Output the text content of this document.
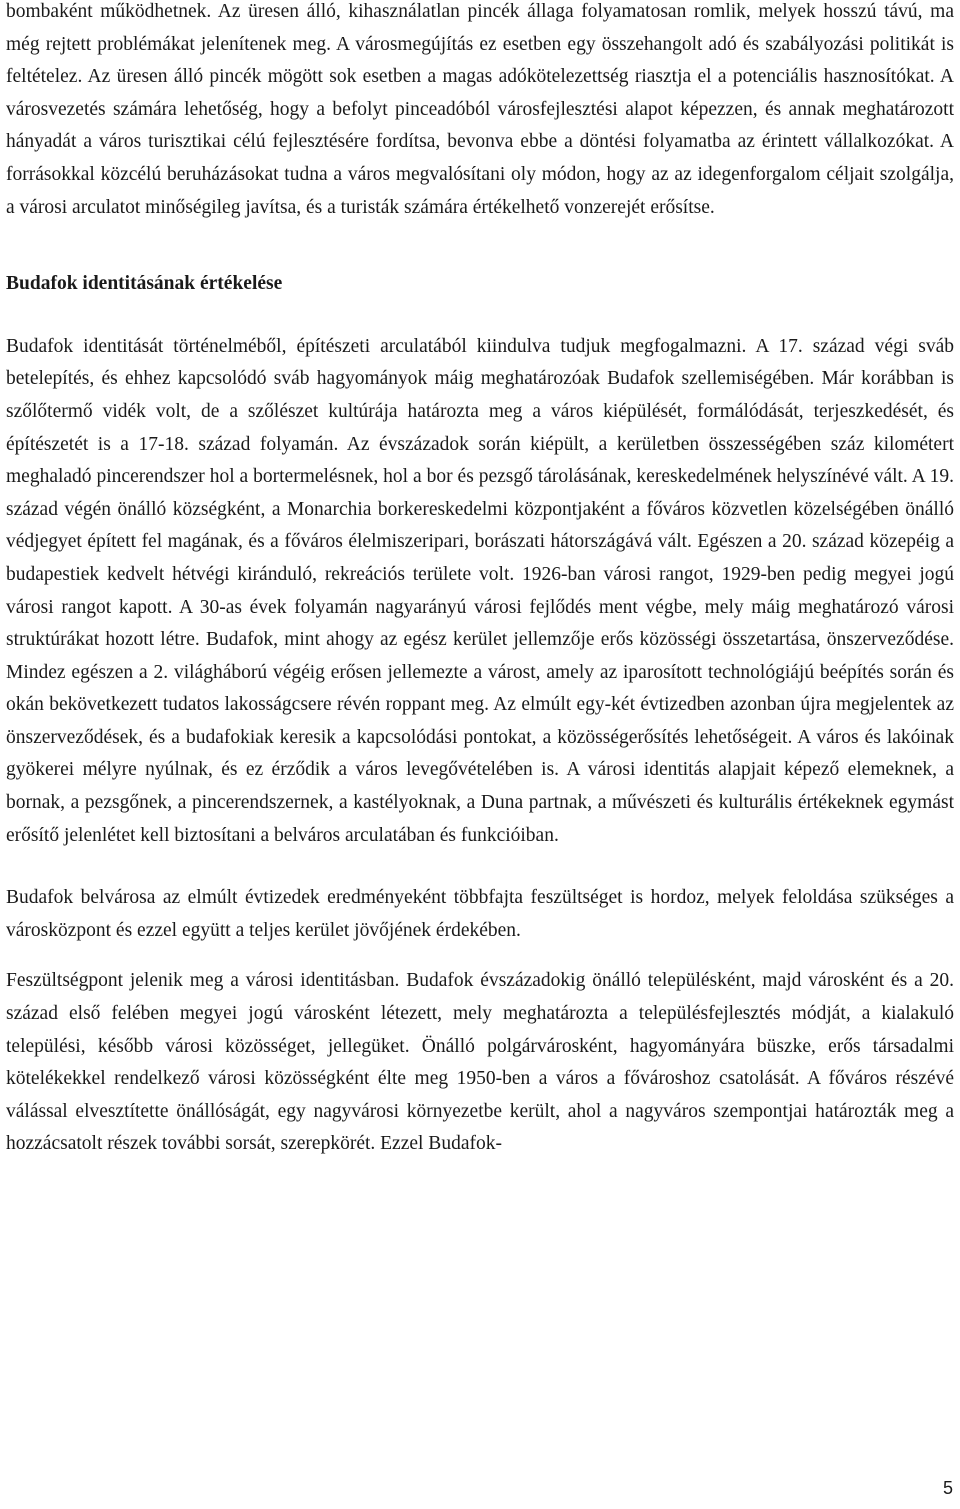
bombaként működhetnek. Az üresen álló, kihasználatlan pincék állaga folyamatosan romlik, melyek hosszú távú, ma még rejtett problémákat jelenítenek meg. A városmegújítás ez esetben egy összehangolt adó és szabályozási politikát is feltételez. Az üresen álló pincék mögött sok esetben a magas adókötelezettség riasztja el a potenciális hasznosítókat. A városvezetés számára lehetőség, hogy a befolyt pinceadóból városfejlesztési alapot képezzen, és annak meghatározott hányadát a város turisztikai célú fejlesztésére fordítsa, bevonva ebbe a döntési folyamatba az érintett vállalkozókat. A forrásokkal közcélú beruházásokat tudna a város megvalósítani oly módon, hogy az az idegenforgalom céljait szolgálja, a városi arculatot minőségileg javítsa, és a turisták számára értékelhető vonzerejét erősítse.

Budafok identitásának értékelése

Budafok identitását történelméből, építészeti arculatából kiindulva tudjuk megfogalmazni. A 17. század végi sváb betelepítés, és ehhez kapcsolódó sváb hagyományok máig meghatározóak Budafok szellemiségében. Már korábban is szőlőtermő vidék volt, de a szőlészet kultúrája határozta meg a város kiépülését, formálódását, terjeszkedését, és építészetét is a 17-18. század folyamán. Az évszázadok során kiépült, a kerületben összességében száz kilométert meghaladó pincerendszer hol a bortermelésnek, hol a bor és pezsgő tárolásának, kereskedelmének helyszínévé vált. A 19. század végén önálló községként, a Monarchia borkereskedelmi központjaként a főváros közvetlen közelségében önálló védjegyet épített fel magának, és a főváros élelmiszeripari, borászati hátországává vált. Egészen a 20. század közepéig a budapestiek kedvelt hétvégi kiránduló, rekreációs területe volt. 1926-ban városi rangot, 1929-ben pedig megyei jogú városi rangot kapott. A 30-as évek folyamán nagyarányú városi fejlődés ment végbe, mely máig meghatározó városi struktúrákat hozott létre. Budafok, mint ahogy az egész kerület jellemzője erős közösségi összetartása, önszerveződése. Mindez egészen a 2. világháború végéig erősen jellemezte a várost, amely az iparosított technológiájú beépítés során és okán bekövetkezett tudatos lakosságcsere révén roppant meg. Az elmúlt egy-két évtizedben azonban újra megjelentek az önszerveződések, és a budafokiak keresik a kapcsolódási pontokat, a közösségerősítés lehetőségeit. A város és lakóinak gyökerei mélyre nyúlnak, és ez érződik a város levegővételében is. A városi identitás alapjait képező elemeknek, a bornak, a pezsgőnek, a pincerendszernek, a kastélyoknak, a Duna partnak, a művészeti és kulturális értékeknek egymást erősítő jelenlétet kell biztosítani a belváros arculatában és funkcióiban.

Budafok belvárosa az elmúlt évtizedek eredményeként többfajta feszültséget is hordoz, melyek feloldása szükséges a városközpont és ezzel együtt a teljes kerület jövőjének érdekében.

Feszültségpont jelenik meg a városi identitásban. Budafok évszázadokig önálló településként, majd városként és a 20. század első felében megyei jogú városként létezett, mely meghatározta a településfejlesztés módját, a kialakuló települési, később városi közösséget, jellegüket. Önálló polgárvárosként, hagyományára büszke, erős társadalmi kötelékekkel rendelkező városi közösségként élte meg 1950-ben a város a fővároshoz csatolását. A főváros részévé válással elvesztítette önállóságát, egy nagyvárosi környezetbe került, ahol a nagyváros szempontjai határozták meg a hozzácsatolt részek további sorsát, szerepkörét. Ezzel Budafok-

5
